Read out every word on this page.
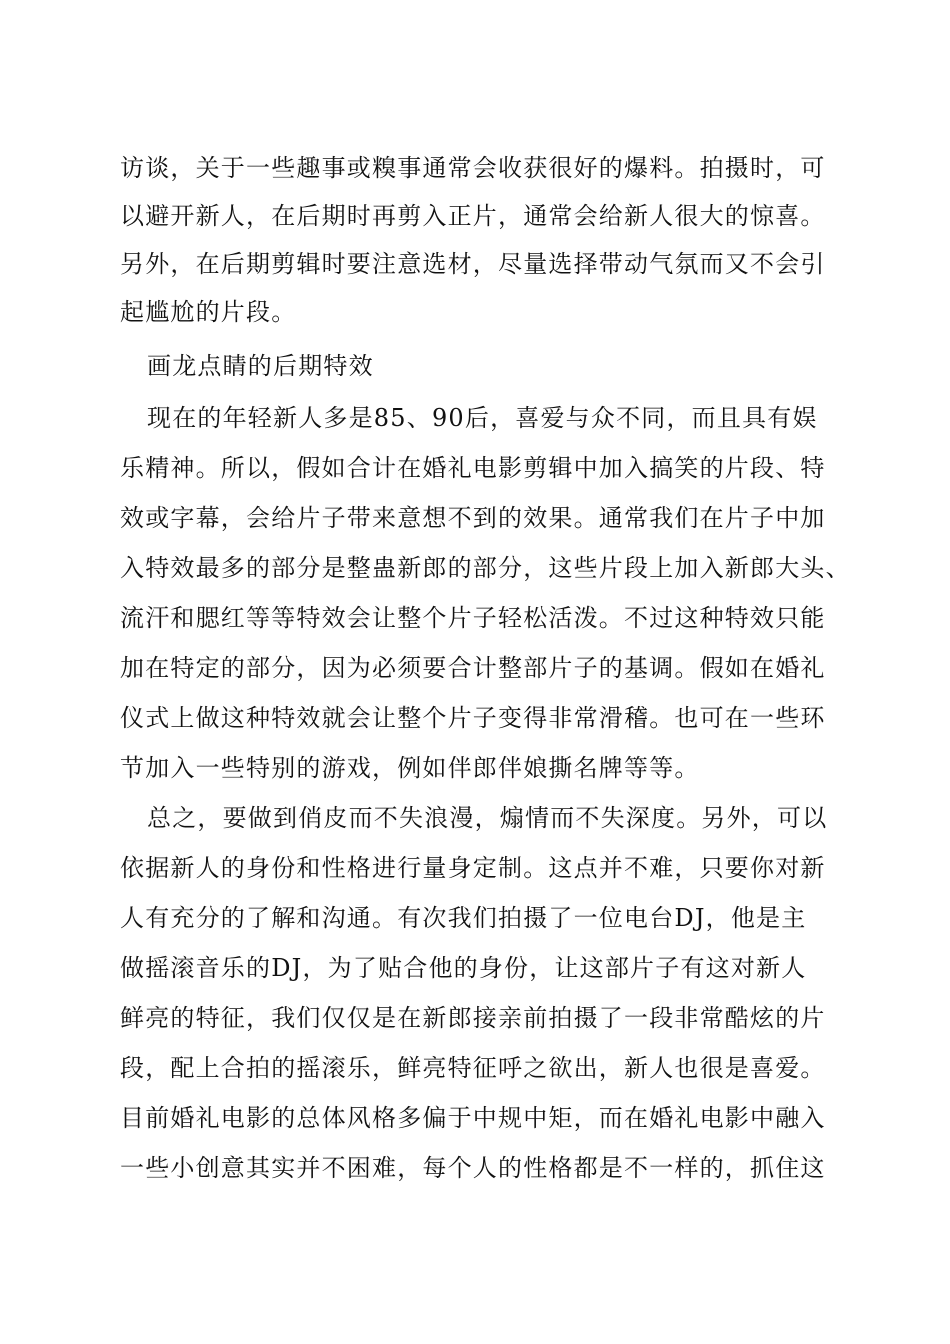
访谈，关于一些趣事或糗事通常会收获很好的爆料。拍摄时，可
以避开新人，在后期时再剪入正片，通常会给新人很大的惊喜。
另外，在后期剪辑时要注意选材，尽量选择带动气氛而又不会引
起尴尬的片段。
画龙点睛的后期特效
现在的年轻新人多是85、90后，喜爱与众不同，而且具有娱
乐精神。所以，假如合计在婚礼电影剪辑中加入搞笑的片段、特
效或字幕，会给片子带来意想不到的效果。通常我们在片子中加
入特效最多的部分是整蛊新郎的部分，这些片段上加入新郎大头、
流汗和腮红等等特效会让整个片子轻松活泼。不过这种特效只能
加在特定的部分，因为必须要合计整部片子的基调。假如在婚礼
仪式上做这种特效就会让整个片子变得非常滑稽。也可在一些环
节加入一些特别的游戏，例如伴郎伴娘撕名牌等等。
总之，要做到俏皮而不失浪漫，煽情而不失深度。另外，可以
依据新人的身份和性格进行量身定制。这点并不难，只要你对新
人有充分的了解和沟通。有次我们拍摄了一位电台DJ，他是主
做摇滚音乐的DJ，为了贴合他的身份，让这部片子有这对新人
鲜亮的特征，我们仅仅是在新郎接亲前拍摄了一段非常酷炫的片
段，配上合拍的摇滚乐，鲜亮特征呼之欲出，新人也很是喜爱。
目前婚礼电影的总体风格多偏于中规中矩，而在婚礼电影中融入
一些小创意其实并不困难，每个人的性格都是不一样的，抓住这
